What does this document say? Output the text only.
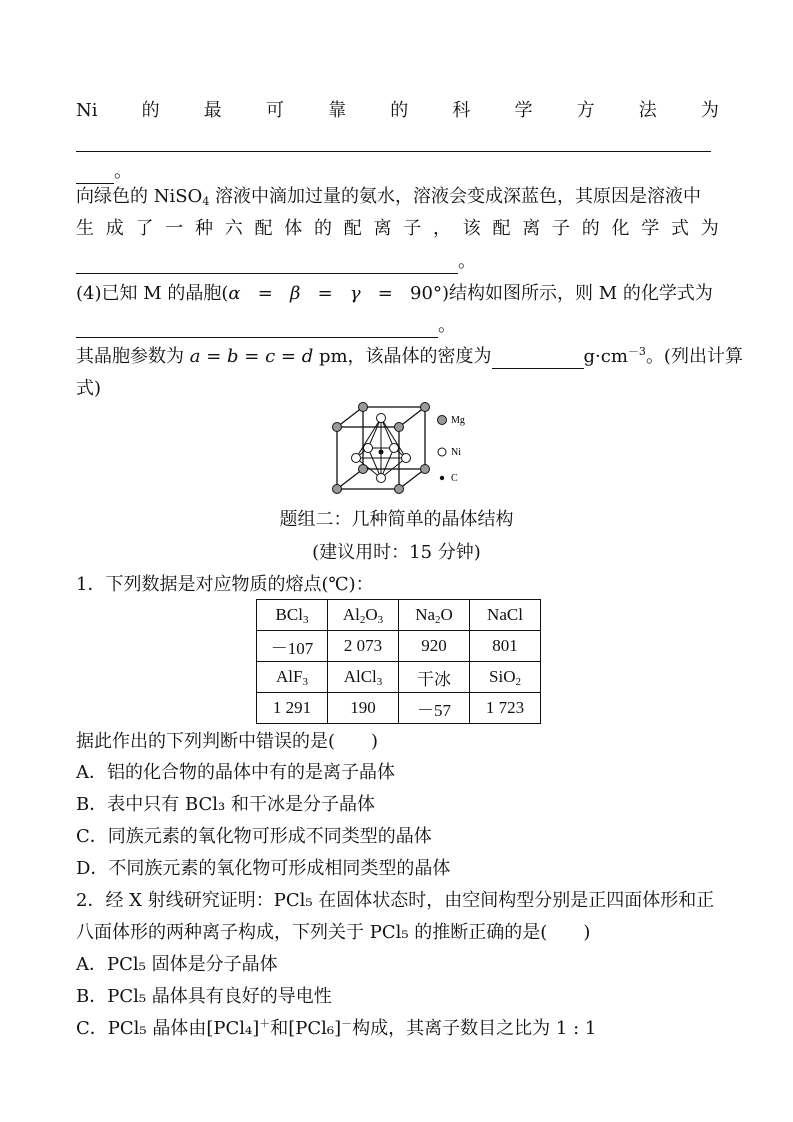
Ni 的 最 可 靠 的 科 学 方 法 为
。
向绿色的 NiSO$_4$ 溶液中滴加过量的氨水，溶液会变成深蓝色，其原因是溶液中
生 成 了 一 种 六 配 体 的 配 离 子 ， 该 配 离 子 的 化 学 式 为
。
(4)已知 M 的晶胞(α = β = γ = 90°)结构如图所示，则 M 的化学式为
。
其晶胞参数为 a = b = c = d pm，该晶体的密度为	$g\cdot cm^{-3}$。(列出计算
式)
Mg
Ni
C
题组二：几种简单的晶体结构
(建议用时：15 分钟)
1．下列数据是对应物质的熔点(℃)：
BCl$_3$	$Al_2O_3$	$Na_2O$	NaCl
－107	2 073	920	801
AlF$_3$	AlCl$_3$	干冰	SiO$_2$
1 291	190	－57	1 723
据此作出的下列判断中错误的是(　　)
A．铝的化合物的晶体中有的是离子晶体
B．表中只有 BCl₃ 和干冰是分子晶体
C．同族元素的氧化物可形成不同类型的晶体
D．不同族元素的氧化物可形成相同类型的晶体
2．经 X 射线研究证明：PCl₅ 在固体状态时，由空间构型分别是正四面体形和正
八面体形的两种离子构成，下列关于 PCl₅ 的推断正确的是(　　)
A．PCl₅ 固体是分子晶体
B．PCl₅ 晶体具有良好的导电性
C．PCl₅ 晶体由[PCl₄]＋和[PCl₆]－构成，其离子数目之比为 1 : 1
